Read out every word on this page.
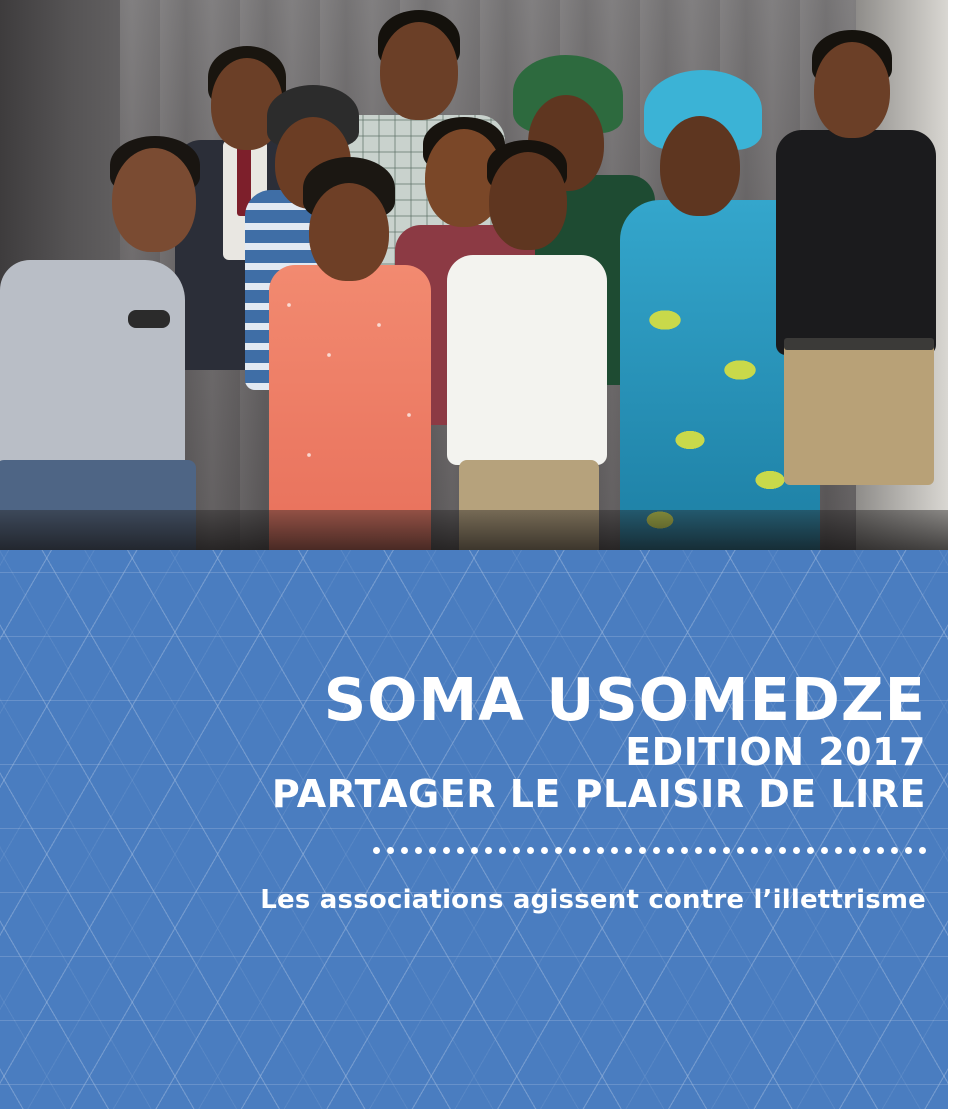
SOMA USOMEDZE
EDITION 2017
PARTAGER LE PLAISIR DE LIRE
Les associations agissent contre l’illettrisme
